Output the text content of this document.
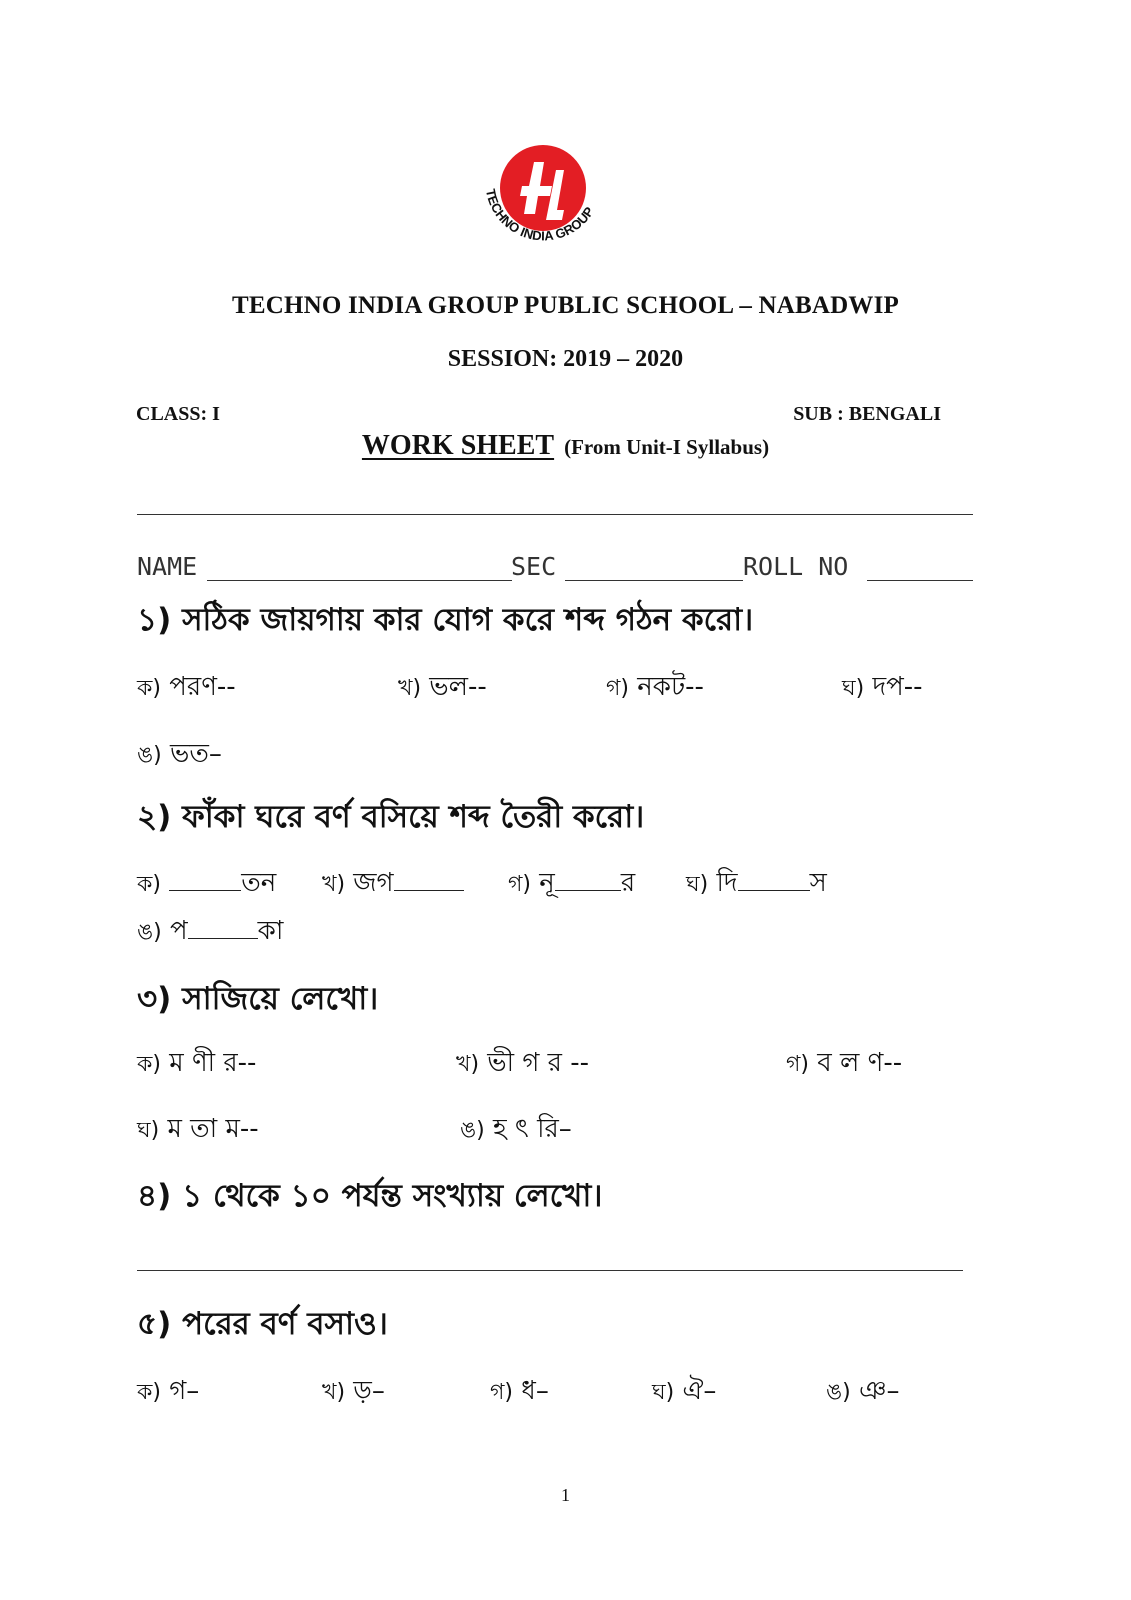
TECHNO INDIA GROUP
TECHNO INDIA GROUP PUBLIC SCHOOL – NABADWIP
SESSION: 2019 – 2020
CLASS: I	SUB : BENGALI
WORK SHEET (From Unit-I Syllabus)
NAME	SEC	ROLL NO
১) সঠিক জায়গায় কার যোগ করে শব্দ গঠন করো।
ক) পরণ--	খ) ভল--	গ) নকট--	ঘ) দপ--
ঙ) ভত–
২) ফাঁকা ঘরে বর্ণ বসিয়ে শব্দ তৈরী করো।
ক)	তন খ) জগ	গ) নূ	র ঘ) দি	স
ঙ) প	কা
৩) সাজিয়ে লেখো।
ক) ম ণী র--	খ) ভী গ র --	গ) ব ল ণ--
ঘ) ম তা ম--	ঙ) হ ৎ রি–
৪) ১ থেকে ১০ পর্যন্ত সংখ্যায় লেখো।
৫) পরের বর্ণ বসাও।
ক) গ–	খ) ড়–	গ) ধ–	ঘ) ঐ–	ঙ) ঞ–
1
